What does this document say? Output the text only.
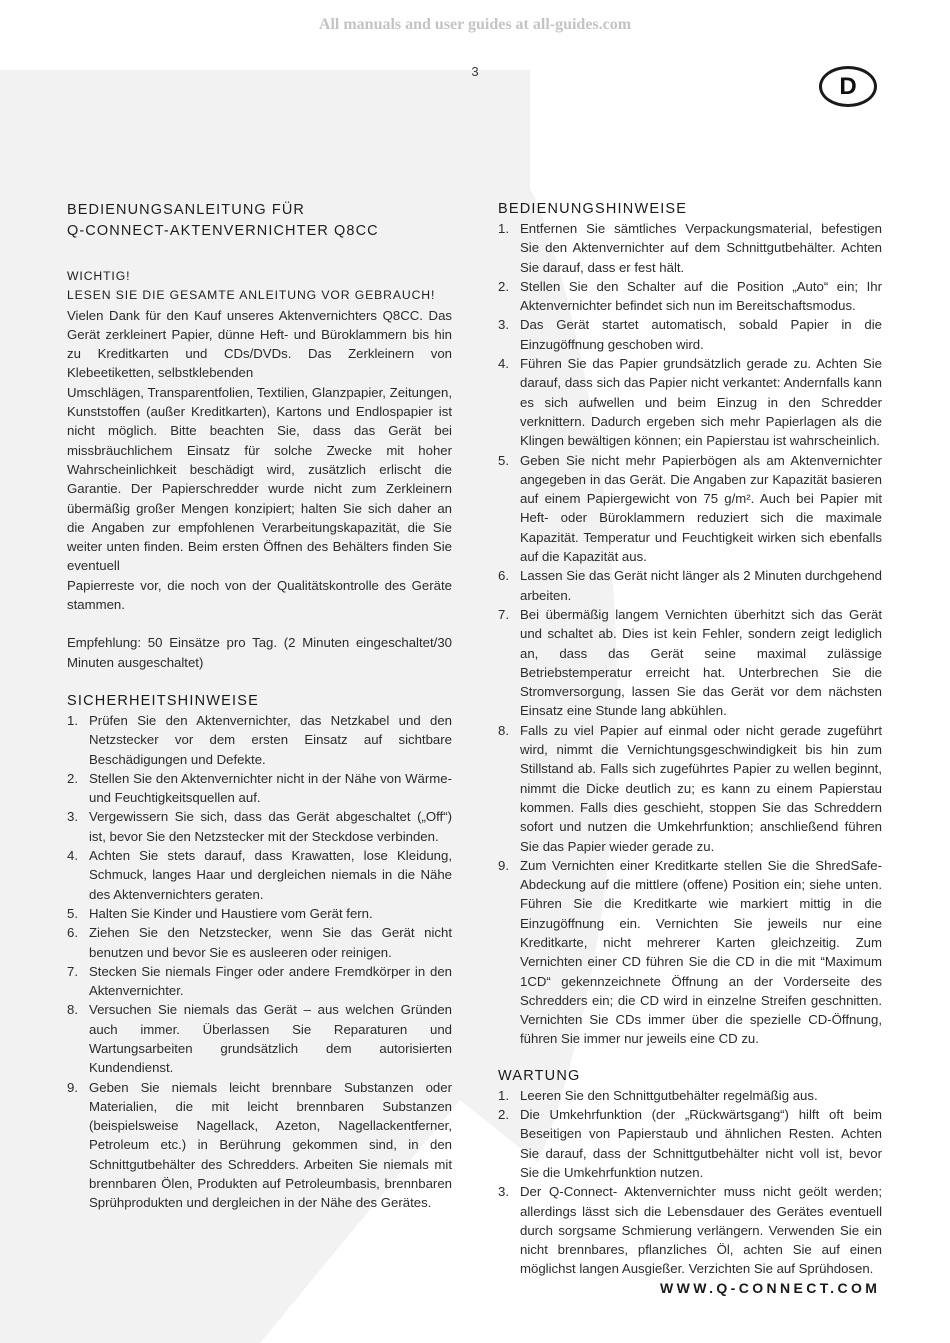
All manuals and user guides at all-guides.com
3
D
BEDIENUNGSANLEITUNG FÜR
Q-CONNECT-AKTENVERNICHTER Q8CC
WICHTIG!
LESEN SIE DIE GESAMTE ANLEITUNG VOR GEBRAUCH!
Vielen Dank für den Kauf unseres Aktenvernichters Q8CC. Das Gerät zerkleinert Papier, dünne Heft- und Büroklammern bis hin zu Kreditkarten und CDs/DVDs. Das Zerkleinern von Klebeetiketten, selbstklebenden
Umschlägen, Transparentfolien, Textilien, Glanzpapier, Zeitungen, Kunststoffen (außer Kreditkarten), Kartons und Endlospapier ist nicht möglich. Bitte beachten Sie, dass das Gerät bei missbräuchlichem Einsatz für solche Zwecke mit hoher Wahrscheinlichkeit beschädigt wird, zusätzlich erlischt die Garantie. Der Papierschredder wurde nicht zum Zerkleinern übermäßig großer Mengen konzipiert; halten Sie sich daher an die Angaben zur empfohlenen Verarbeitungskapazität, die Sie weiter unten finden. Beim ersten Öffnen des Behälters finden Sie eventuell
Papierreste vor, die noch von der Qualitätskontrolle des Geräte stammen.
Empfehlung: 50 Einsätze pro Tag. (2 Minuten eingeschaltet/30 Minuten ausgeschaltet)
SICHERHEITSHINWEISE
1. Prüfen Sie den Aktenvernichter, das Netzkabel und den Netzstecker vor dem ersten Einsatz auf sichtbare Beschädigungen und Defekte.
2. Stellen Sie den Aktenvernichter nicht in der Nähe von Wärme- und Feuchtigkeitsquellen auf.
3. Vergewissern Sie sich, dass das Gerät abgeschaltet („Off“) ist, bevor Sie den Netzstecker mit der Steckdose verbinden.
4. Achten Sie stets darauf, dass Krawatten, lose Kleidung, Schmuck, langes Haar und dergleichen niemals in die Nähe des Aktenvernichters geraten.
5. Halten Sie Kinder und Haustiere vom Gerät fern.
6. Ziehen Sie den Netzstecker, wenn Sie das Gerät nicht benutzen und bevor Sie es ausleeren oder reinigen.
7. Stecken Sie niemals Finger oder andere Fremdkörper in den Aktenvernichter.
8. Versuchen Sie niemals das Gerät – aus welchen Gründen auch immer. Überlassen Sie Reparaturen und Wartungsarbeiten grundsätzlich dem autorisierten Kundendienst.
9. Geben Sie niemals leicht brennbare Substanzen oder Materialien, die mit leicht brennbaren Substanzen (beispielsweise Nagellack, Azeton, Nagellackentferner, Petroleum etc.) in Berührung gekommen sind, in den Schnittgutbehälter des Schredders. Arbeiten Sie niemals mit brennbaren Ölen, Produkten auf Petroleumbasis, brennbaren Sprühprodukten und dergleichen in der Nähe des Gerätes.
BEDIENUNGSHINWEISE
1. Entfernen Sie sämtliches Verpackungsmaterial, befestigen Sie den Aktenvernichter auf dem Schnittgutbehälter. Achten Sie darauf, dass er fest hält.
2. Stellen Sie den Schalter auf die Position „Auto“ ein; Ihr Aktenvernichter befindet sich nun im Bereitschaftsmodus.
3. Das Gerät startet automatisch, sobald Papier in die Einzugöffnung geschoben wird.
4. Führen Sie das Papier grundsätzlich gerade zu. Achten Sie darauf, dass sich das Papier nicht verkantet: Andernfalls kann es sich aufwellen und beim Einzug in den Schredder verknittern. Dadurch ergeben sich mehr Papierlagen als die Klingen bewältigen können; ein Papierstau ist wahrscheinlich.
5. Geben Sie nicht mehr Papierbögen als am Aktenvernichter angegeben in das Gerät. Die Angaben zur Kapazität basieren auf einem Papiergewicht von 75 g/m². Auch bei Papier mit Heft- oder Büroklammern reduziert sich die maximale Kapazität. Temperatur und Feuchtigkeit wirken sich ebenfalls auf die Kapazität aus.
6. Lassen Sie das Gerät nicht länger als 2 Minuten durchgehend arbeiten.
7. Bei übermäßig langem Vernichten überhitzt sich das Gerät und schaltet ab. Dies ist kein Fehler, sondern zeigt lediglich an, dass das Gerät seine maximal zulässige Betriebstemperatur erreicht hat. Unterbrechen Sie die Stromversorgung, lassen Sie das Gerät vor dem nächsten Einsatz eine Stunde lang abkühlen.
8. Falls zu viel Papier auf einmal oder nicht gerade zugeführt wird, nimmt die Vernichtungsgeschwindigkeit bis hin zum Stillstand ab. Falls sich zugeführtes Papier zu wellen beginnt, nimmt die Dicke deutlich zu; es kann zu einem Papierstau kommen. Falls dies geschieht, stoppen Sie das Schreddern sofort und nutzen die Umkehrfunktion; anschließend führen Sie das Papier wieder gerade zu.
9. Zum Vernichten einer Kreditkarte stellen Sie die ShredSafe-Abdeckung auf die mittlere (offene) Position ein; siehe unten. Führen Sie die Kreditkarte wie markiert mittig in die Einzugöffnung ein. Vernichten Sie jeweils nur eine Kreditkarte, nicht mehrerer Karten gleichzeitig. Zum Vernichten einer CD führen Sie die CD in die mit “Maximum 1CD“ gekennzeichnete Öffnung an der Vorderseite des Schredders ein; die CD wird in einzelne Streifen geschnitten. Vernichten Sie CDs immer über die spezielle CD-Öffnung, führen Sie immer nur jeweils eine CD zu.
WARTUNG
1. Leeren Sie den Schnittgutbehälter regelmäßig aus.
2. Die Umkehrfunktion (der „Rückwärtsgang“) hilft oft beim Beseitigen von Papierstaub und ähnlichen Resten. Achten Sie darauf, dass der Schnittgutbehälter nicht voll ist, bevor Sie die Umkehrfunktion nutzen.
3. Der Q-Connect- Aktenvernichter muss nicht geölt werden; allerdings lässt sich die Lebensdauer des Gerätes eventuell durch sorgsame Schmierung verlängern. Verwenden Sie ein nicht brennbares, pflanzliches Öl, achten Sie auf einen möglichst langen Ausgießer. Verzichten Sie auf Sprühdosen.
WWW.Q-CONNECT.COM
